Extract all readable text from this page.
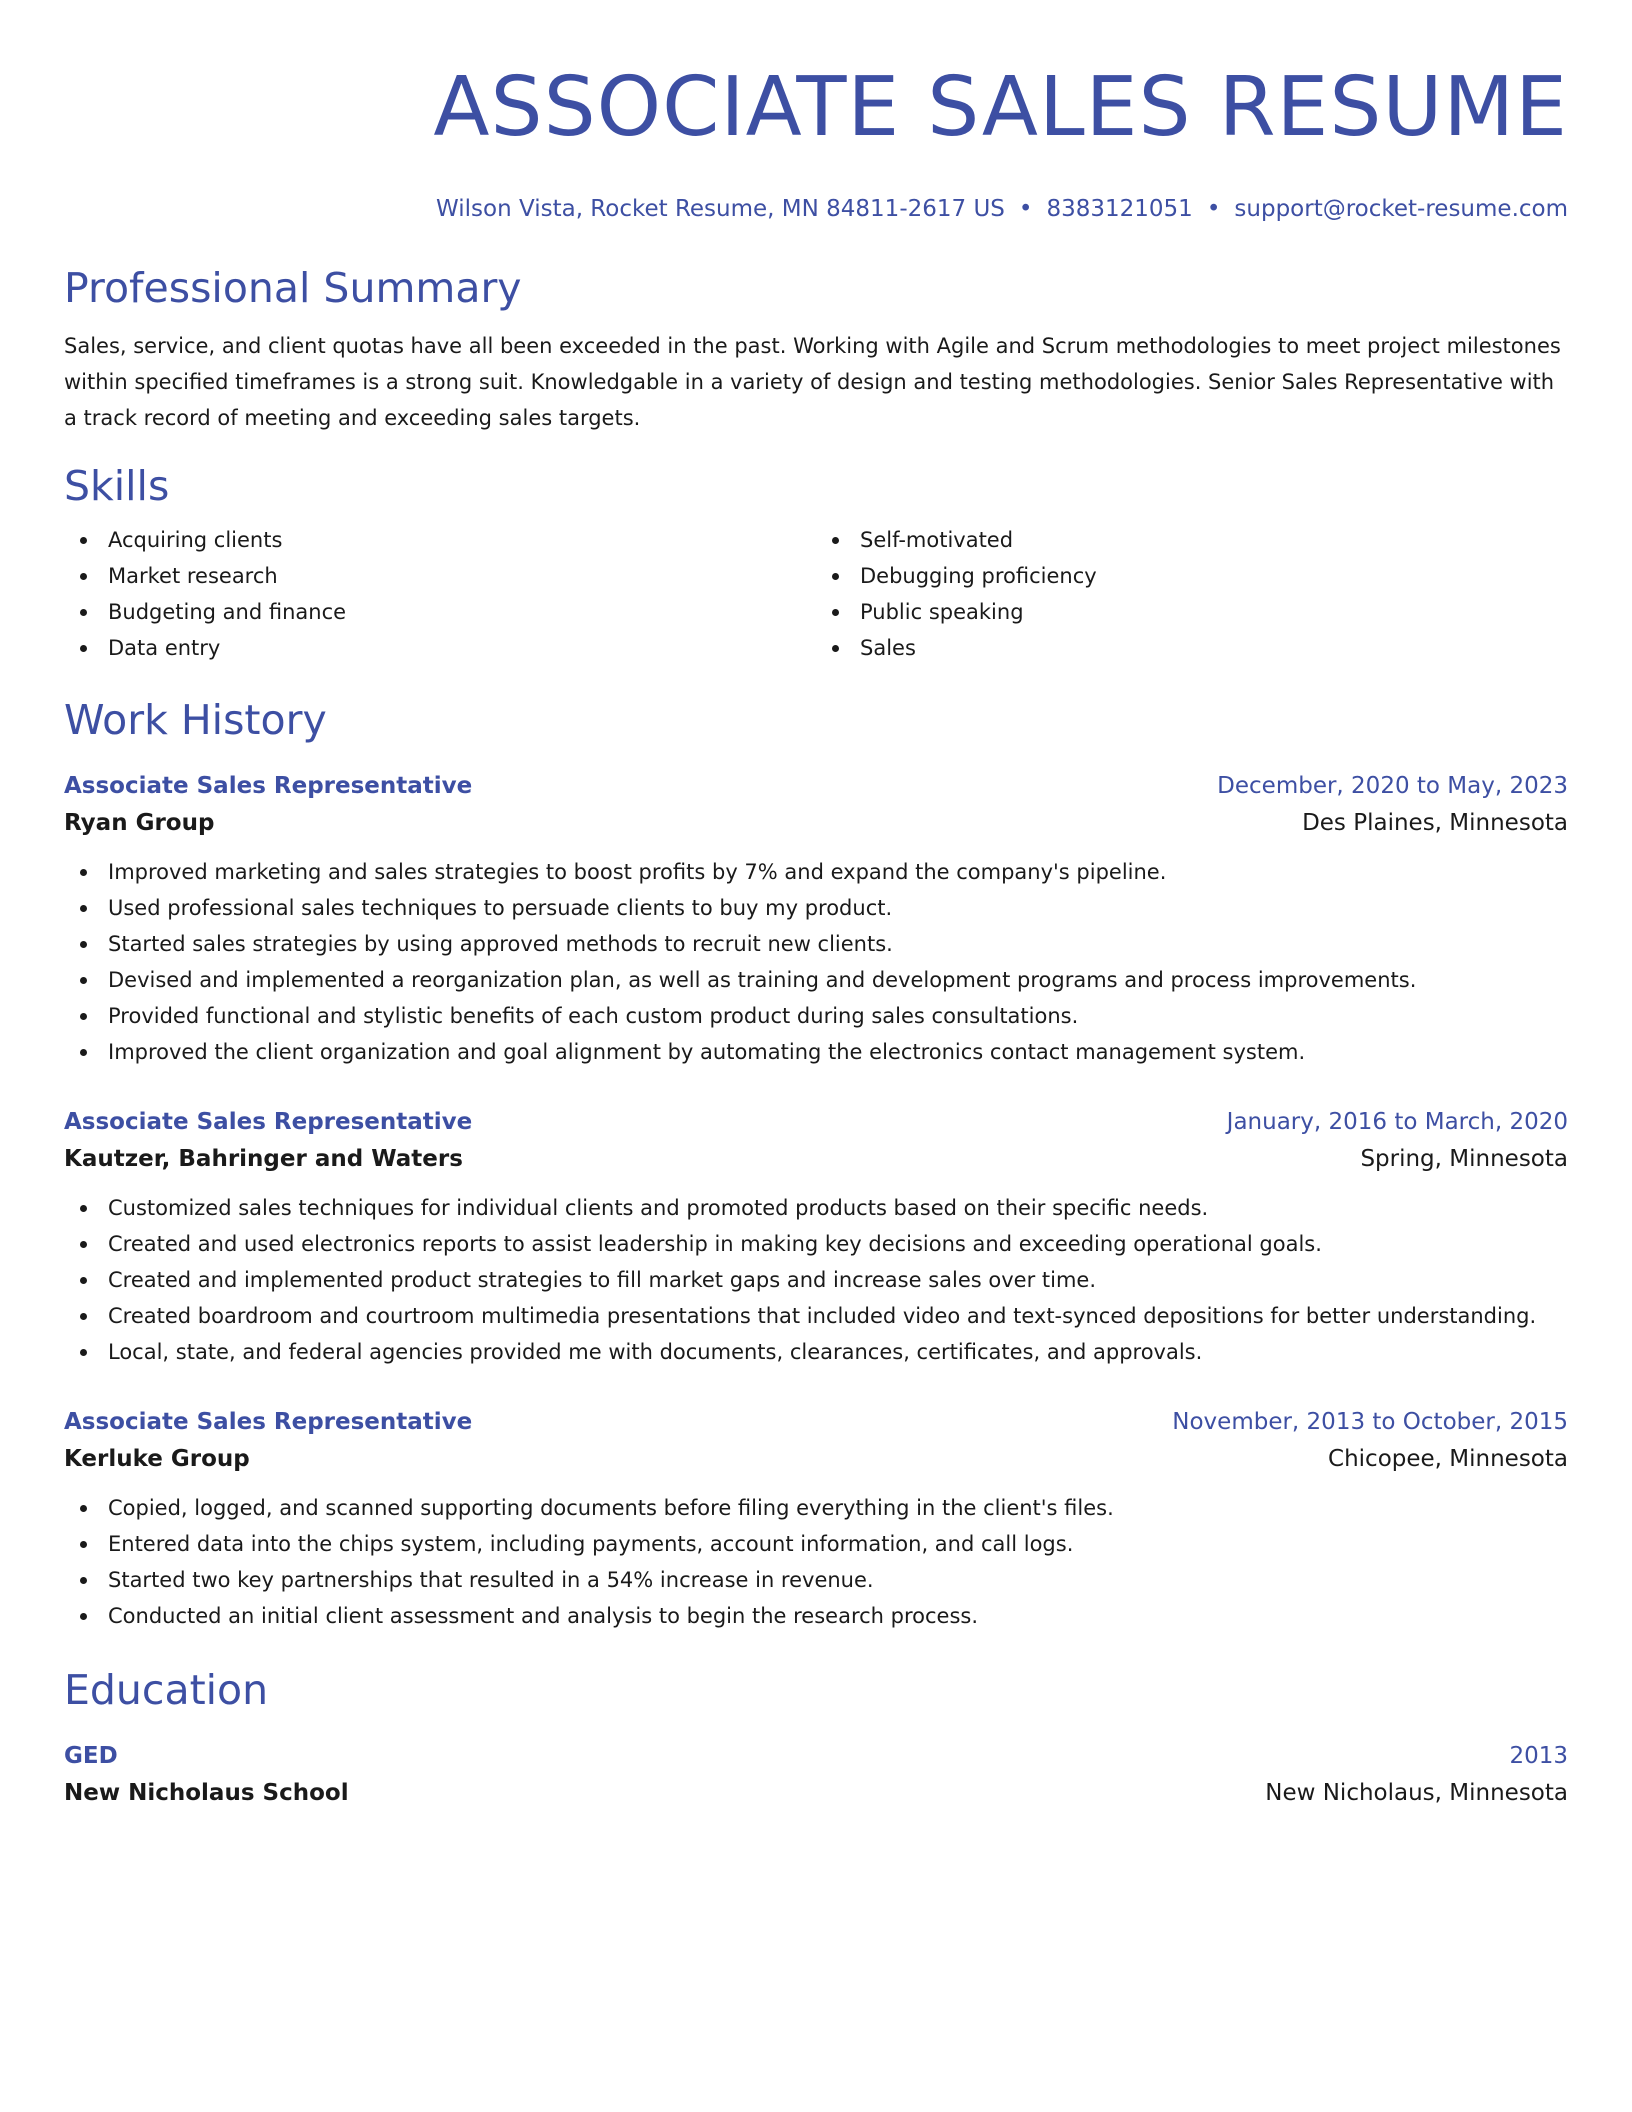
ASSOCIATE SALES RESUME
Wilson Vista, Rocket Resume, MN 84811-2617 US • 8383121051 • support@rocket-resume.com
Professional Summary

Sales, service, and client quotas have all been exceeded in the past. Working with Agile and Scrum methodologies to meet project milestones within specified timeframes is a strong suit. Knowledgable in a variety of design and testing methodologies. Senior Sales Representative with a track record of meeting and exceeding sales targets.

Skills
Acquiring clients
Market research
Budgeting and finance
Data entry
Self-motivated
Debugging proficiency
Public speaking
Sales
Work History
Associate Sales Representative	December, 2020 to May, 2023
Ryan Group	Des Plaines, Minnesota
Improved marketing and sales strategies to boost profits by 7% and expand the company's pipeline.
Used professional sales techniques to persuade clients to buy my product.
Started sales strategies by using approved methods to recruit new clients.
Devised and implemented a reorganization plan, as well as training and development programs and process improvements.
Provided functional and stylistic benefits of each custom product during sales consultations.
Improved the client organization and goal alignment by automating the electronics contact management system.
Associate Sales Representative	January, 2016 to March, 2020
Kautzer, Bahringer and Waters	Spring, Minnesota
Customized sales techniques for individual clients and promoted products based on their specific needs.
Created and used electronics reports to assist leadership in making key decisions and exceeding operational goals.
Created and implemented product strategies to fill market gaps and increase sales over time.
Created boardroom and courtroom multimedia presentations that included video and text-synced depositions for better understanding.
Local, state, and federal agencies provided me with documents, clearances, certificates, and approvals.
Associate Sales Representative	November, 2013 to October, 2015
Kerluke Group	Chicopee, Minnesota
Copied, logged, and scanned supporting documents before filing everything in the client's files.
Entered data into the chips system, including payments, account information, and call logs.
Started two key partnerships that resulted in a 54% increase in revenue.
Conducted an initial client assessment and analysis to begin the research process.
Education
GED	2013
New Nicholaus School	New Nicholaus, Minnesota
